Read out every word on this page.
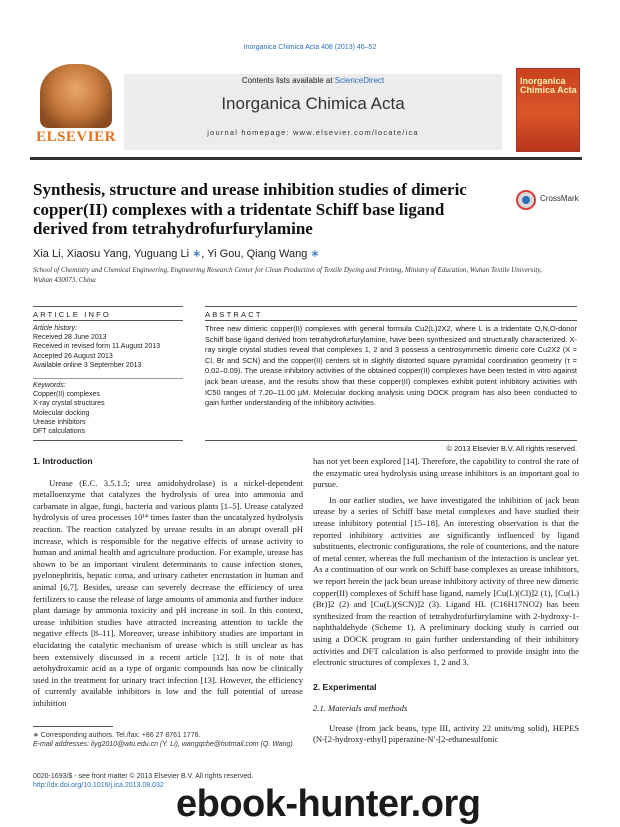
Inorganica Chimica Acta 408 (2013) 46–52
ELSEVIER
Contents lists available at ScienceDirect
Inorganica Chimica Acta
journal homepage: www.elsevier.com/locate/ica
Inorganica Chimica Acta
Synthesis, structure and urease inhibition studies of dimeric copper(II) complexes with a tridentate Schiff base ligand derived from tetrahydrofurfurylamine
CrossMark
Xia Li, Xiaosu Yang, Yuguang Li ∗, Yi Gou, Qiang Wang ∗
School of Chemistry and Chemical Engineering, Engineering Research Center for Clean Production of Textile Dyeing and Printing, Ministry of Education, Wuhan Textile University, Wuhan 430073, China
ARTICLE INFO	ABSTRACT
Article history:
Received 28 June 2013
Received in revised form 11 August 2013
Accepted 26 August 2013
Available online 3 September 2013
Keywords:
Copper(II) complexes
X-ray crystal structures
Molecular docking
Urease inhibitors
DFT calculations
Three new dimeric copper(II) complexes with general formula Cu2(L)2X2, where L is a tridentate O,N,O-donor Schiff base ligand derived from tetrahydrofurfurylamine, have been synthesized and structurally characterized. X-ray single crystal studies reveal that complexes 1, 2 and 3 possess a centrosymmetric dimeric core Cu2X2 (X = Cl, Br and SCN) and the copper(II) centers sit in slightly distorted square pyramidal coordination geometry (τ = 0.02–0.09). The urease inhibitory activities of the obtained copper(II) complexes have been tested in vitro against jack bean urease, and the results show that these copper(II) complexes exhibit potent inhibitory activities with IC50 ranges of 7.20–11.00 μM. Molecular docking analysis using DOCK program has also been conducted to gain further understanding of the inhibitory activities.
© 2013 Elsevier B.V. All rights reserved.
1. Introduction

Urease (E.C. 3.5.1.5; urea amidohydrolase) is a nickel-dependent metalloenzyme that catalyzes the hydrolysis of urea into ammonia and carbamate in algae, fungi, bacteria and various plants [1–5]. Urease catalyzed hydrolysis of urea processes 10¹⁴ times faster than the uncatalyzed hydrolysis reaction. The reaction catalyzed by urease results in an abrupt overall pH increase, which is responsible for the negative effects of urease activity to human and animal health and agriculture production. For example, urease has shown to be an important virulent determinants to cause infection stones, pyelonephritis, hepatic coma, and urinary catheter encrustation in human and animal [6,7]. Besides, urease can severely decrease the efficiency of urea fertilizers to cause the release of large amounts of ammonia and further induce plant damage by ammonia toxicity and pH increase in soil. In this context, urease inhibition studies have attracted increasing attention to tackle the negative effects [8–11]. Moreover, urease inhibitory studies are important in elucidating the catalytic mechanism of urease which is still unclear as has been extensively discussed in a recent article [12]. It is of note that aetohydroxamic acid as a type of organic compounds has now be clinically used in the treatment for urinary tract infection [13]. However, the efficiency of currently available inhibitors is low and the full potential of urease inhibition

has not yet been explored [14]. Therefore, the capability to control the rate of the enzymatic urea hydrolysis using urease inhibitors is an important goal to pursue.

In our earlier studies, we have investigated the inhibition of jack bean urease by a series of Schiff base metal complexes and have studied their urease inhibitory potential [15–18]. An interesting observation is that the reported inhibitory activities are significantly influenced by ligand substituents, electronic configurations, the role of counterions, and the nature of metal center, whereas the full mechanism of the interaction is unclear yet. As a continuation of our work on Schiff base complexes as urease inhibitors, we report herein the jack bean urease inhibitory activity of three new dimeric copper(II) complexes of Schiff base ligand, namely [Cu(L)(Cl)]2 (1), [Cu(L)(Br)]2 (2) and [Cu(L)(SCN)]2 (3). Ligand HL (C16H17NO2) has been synthesized from the reaction of tetrahydrofurfurylamine with 2-hydroxy-1-naphthaldehyde (Scheme 1). A preliminary docking study is carried out using a DOCK program to gain further understanding of their inhibitory activities and DFT calculation is also performed to provide insight into the electronic structures of complexes 1, 2 and 3.

2. Experimental
2.1. Materials and methods

Urease (from jack beans, type III, activity 22 units/mg solid), HEPES (N-[2-hydroxy-ethyl] piperazine-N′-[2-ethanesulfonic

∗ Corresponding authors. Tel./fax: +86 27 8761 1776.
E-mail addresses: liyg2010@wtu.edu.cn (Y. Li), wangqche@hotmail.com (Q. Wang).
0020-1693/$ - see front matter © 2013 Elsevier B.V. All rights reserved.
http://dx.doi.org/10.1016/j.ica.2013.08.032 ebook-hunter.org
